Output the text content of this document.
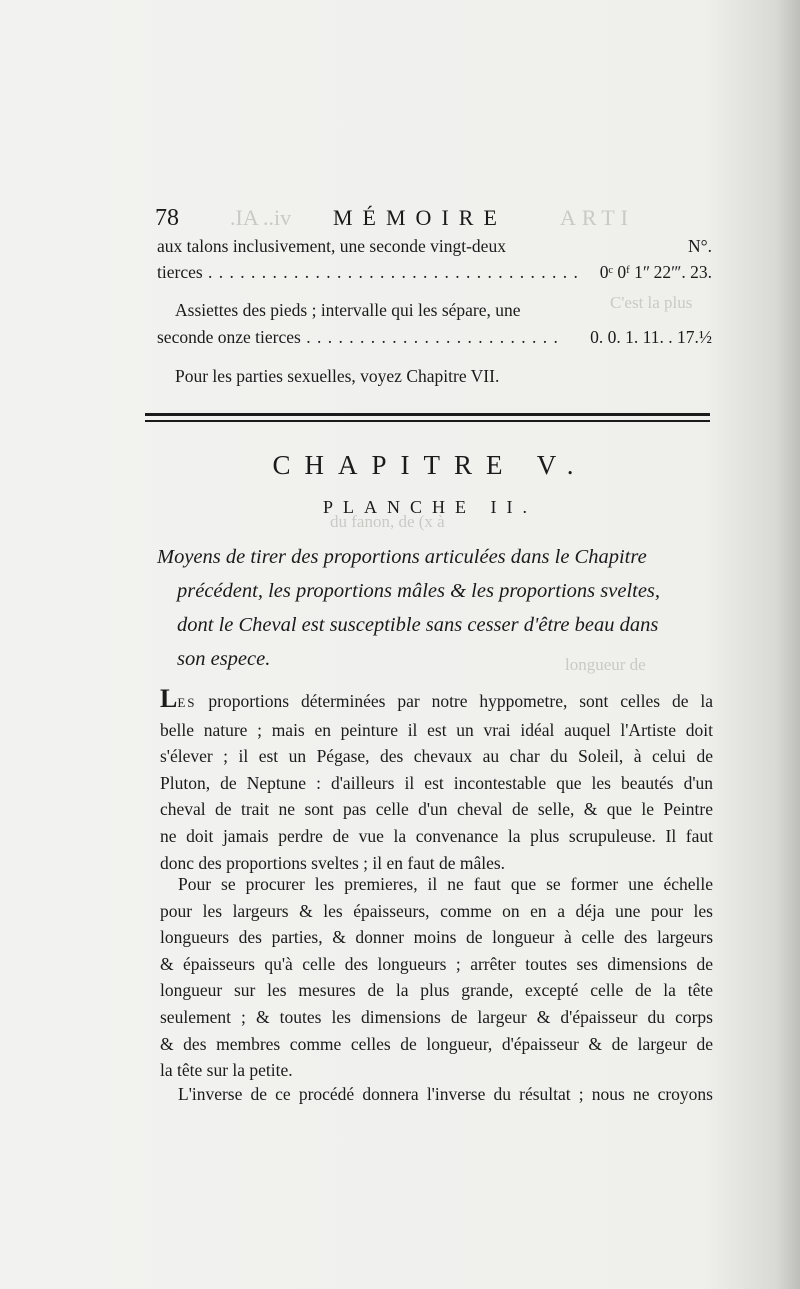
ARTI
.IA ..iv
C'est la plus
du fanon, de (x à
longueur de
78	MÉMOIRE
aux talons inclusivement, une seconde vingt-deux	N°.
tierces . . . . . . . . . . . . . . . . . . . . . . . . . . . . . . . . . . . 0ᶜ 0ᶠ 1ʺ 22ʺʹ. 23.
Assiettes des pieds ; intervalle qui les sépare, une
seconde onze tierces . . . . . . . . . . . . . . . . . . . . . . . . 0. 0. 1. 11. . 17.½
Pour les parties sexuelles, voyez Chapitre VII.
CHAPITRE V.
PLANCHE II.
Moyens de tirer des proportions articulées dans le Chapitre
précédent, les proportions mâles & les proportions sveltes,
dont le Cheval est susceptible sans cesser d'être beau dans
son espece.
LES proportions déterminées par notre hyppometre, sont celles de la
belle nature ; mais en peinture il est un vrai idéal auquel l'Artiste doit
s'élever ; il est un Pégase, des chevaux au char du Soleil, à celui de
Pluton, de Neptune : d'ailleurs il est incontestable que les beautés d'un
cheval de trait ne sont pas celle d'un cheval de selle, & que le Peintre
ne doit jamais perdre de vue la convenance la plus scrupuleuse. Il faut
donc des proportions sveltes ; il en faut de mâles.
Pour se procurer les premieres, il ne faut que se former une échelle
pour les largeurs & les épaisseurs, comme on en a déja une pour les
longueurs des parties, & donner moins de longueur à celle des largeurs
& épaisseurs qu'à celle des longueurs ; arrêter toutes ses dimensions de
longueur sur les mesures de la plus grande, excepté celle de la tête
seulement ; & toutes les dimensions de largeur & d'épaisseur du corps
& des membres comme celles de longueur, d'épaisseur & de largeur de
la tête sur la petite.
L'inverse de ce procédé donnera l'inverse du résultat ; nous ne croyons
